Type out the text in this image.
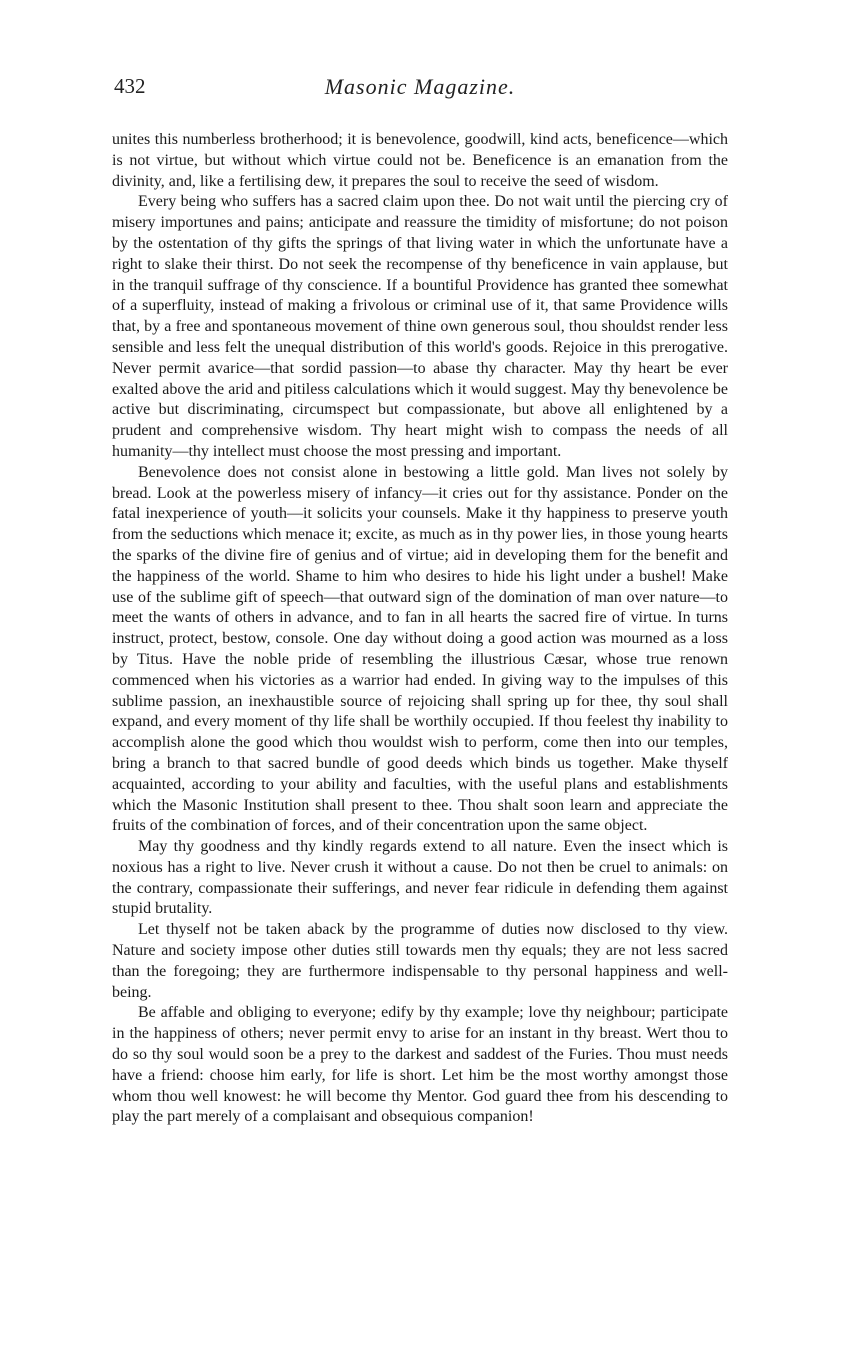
432	Masonic Magazine.

unites this numberless brotherhood; it is benevolence, goodwill, kind acts, beneficence—which is not virtue, but without which virtue could not be. Beneficence is an emanation from the divinity, and, like a fertilising dew, it prepares the soul to receive the seed of wisdom.

Every being who suffers has a sacred claim upon thee. Do not wait until the piercing cry of misery importunes and pains; anticipate and reassure the timidity of misfortune; do not poison by the ostentation of thy gifts the springs of that living water in which the unfortunate have a right to slake their thirst. Do not seek the recompense of thy beneficence in vain applause, but in the tranquil suffrage of thy conscience. If a bountiful Providence has granted thee somewhat of a superfluity, instead of making a frivolous or criminal use of it, that same Providence wills that, by a free and spontaneous movement of thine own generous soul, thou shouldst render less sensible and less felt the unequal distribution of this world's goods. Rejoice in this prerogative. Never permit avarice—that sordid passion—to abase thy character. May thy heart be ever exalted above the arid and pitiless calculations which it would suggest. May thy benevolence be active but discriminating, circumspect but compassionate, but above all enlightened by a prudent and comprehensive wisdom. Thy heart might wish to compass the needs of all humanity—thy intellect must choose the most pressing and important.

Benevolence does not consist alone in bestowing a little gold. Man lives not solely by bread. Look at the powerless misery of infancy—it cries out for thy assistance. Ponder on the fatal inexperience of youth—it solicits your counsels. Make it thy happiness to preserve youth from the seductions which menace it; excite, as much as in thy power lies, in those young hearts the sparks of the divine fire of genius and of virtue; aid in developing them for the benefit and the happiness of the world. Shame to him who desires to hide his light under a bushel! Make use of the sublime gift of speech—that outward sign of the domination of man over nature—to meet the wants of others in advance, and to fan in all hearts the sacred fire of virtue. In turns instruct, protect, bestow, console. One day without doing a good action was mourned as a loss by Titus. Have the noble pride of resembling the illustrious Cæsar, whose true renown commenced when his victories as a warrior had ended. In giving way to the impulses of this sublime passion, an inexhaustible source of rejoicing shall spring up for thee, thy soul shall expand, and every moment of thy life shall be worthily occupied. If thou feelest thy inability to accomplish alone the good which thou wouldst wish to perform, come then into our temples, bring a branch to that sacred bundle of good deeds which binds us together. Make thyself acquainted, according to your ability and faculties, with the useful plans and establishments which the Masonic Institution shall present to thee. Thou shalt soon learn and appreciate the fruits of the combination of forces, and of their concentration upon the same object.

May thy goodness and thy kindly regards extend to all nature. Even the insect which is noxious has a right to live. Never crush it without a cause. Do not then be cruel to animals: on the contrary, compassionate their sufferings, and never fear ridicule in defending them against stupid brutality.

Let thyself not be taken aback by the programme of duties now disclosed to thy view. Nature and society impose other duties still towards men thy equals; they are not less sacred than the foregoing; they are furthermore indispensable to thy personal happiness and well-being.

Be affable and obliging to everyone; edify by thy example; love thy neighbour; participate in the happiness of others; never permit envy to arise for an instant in thy breast. Wert thou to do so thy soul would soon be a prey to the darkest and saddest of the Furies. Thou must needs have a friend: choose him early, for life is short. Let him be the most worthy amongst those whom thou well knowest: he will become thy Mentor. God guard thee from his descending to play the part merely of a complaisant and obsequious companion!
